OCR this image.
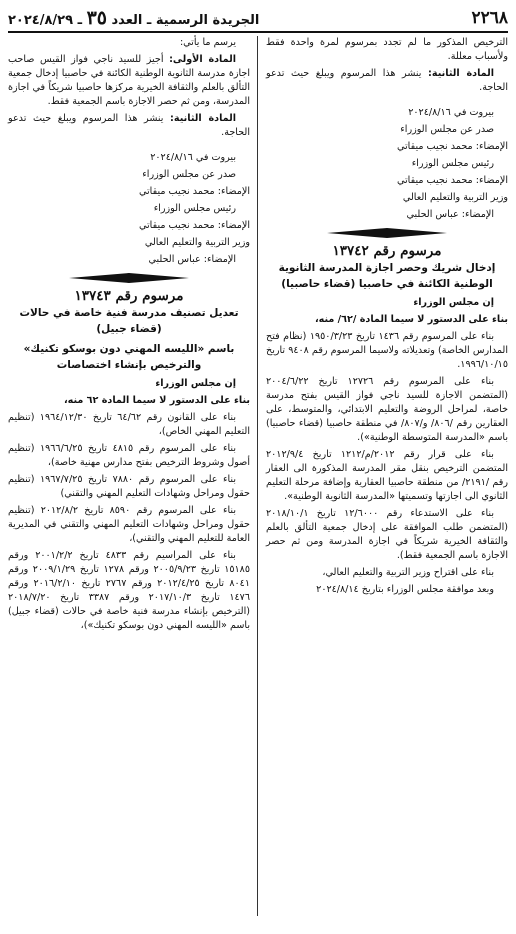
٢٢٦٨
الجريدة الرسمية ـ العدد ٣٥ ـ ٢٠٢٤/٨/٢٩

الترخيص المذكور ما لم تجدد بمرسوم لمرة واحدة فقط ولأسباب معللة.

المادة الثانية: ينشر هذا المرسوم ويبلغ حيث تدعو الحاجة.

بيروت في ٢٠٢٤/٨/١٦

صدر عن مجلس الوزراء

الإمضاء: محمد نجيب ميقاتي

رئيس مجلس الوزراء

الإمضاء: محمد نجيب ميقاتي

وزير التربية والتعليم العالي

الإمضاء: عباس الحلبي

مرسوم رقم ١٣٧٤٢
إدخال شريك وحصر اجازة المدرسة الثانوية الوطنية الكائنة في حاصبيا (قضاء حاصبيا)

إن مجلس الوزراء

بناء على الدستور لا سيما المادة /٦٢/ منه،

بناء على المرسوم رقم ١٤٣٦ تاريخ ١٩٥٠/٣/٢٣ (نظام فتح المدارس الخاصة) وتعديلاته ولاسيما المرسوم رقم ٩٤٠٨ تاريخ ١٩٩٦/١٠/١٥.

بناء على المرسوم رقم ١٢٧٢٦ تاريخ ٢٠٠٤/٦/٢٢ (المتضمن الاجازة للسيد ناجي فواز القيس بفتح مدرسة خاصة، لمراحل الروضة والتعليم الابتدائي، والمتوسط، على العقارين رقم /٨٠٦/ و/٨٠٧/ في منطقة حاصبيا (قضاء حاصبيا) باسم «المدرسة المتوسطة الوطنية»).

بناء على قرار رقم ٢٠١٢/م/١٢١٢ تاريخ ٢٠١٢/٩/٤ المتضمن الترخيص بنقل مقر المدرسة المذكورة الى العقار رقم /٢١٩١/ من منطقة حاصبيا العقارية وإضافة مرحلة التعليم الثانوي الى اجازتها وتسميتها «المدرسة الثانوية الوطنية».

بناء على الاستدعاء رقم ١٢/٦٠٠٠ تاريخ ٢٠١٨/١٠/١ (المتضمن طلب الموافقة على إدخال جمعية التألق بالعلم والثقافة الخيرية شريكاً في اجازة المدرسة ومن ثم حصر الاجازة باسم الجمعية فقط).

بناء على اقتراح وزير التربية والتعليم العالي،

وبعد موافقة مجلس الوزراء بتاريخ ٢٠٢٤/٨/١٤

يرسم ما يأتي:

المادة الأولى: أجيز للسيد ناجي فواز القيس صاحب اجازة مدرسة الثانوية الوطنية الكائنة في حاصبيا إدخال جمعية التألق بالعلم والثقافة الخيرية مركزها حاصبيا شريكاً في اجازة المدرسة، ومن ثم حصر الاجازة باسم الجمعية فقط.

المادة الثانية: ينشر هذا المرسوم ويبلغ حيث تدعو الحاجة.

بيروت في ٢٠٢٤/٨/١٦

صدر عن مجلس الوزراء

الإمضاء: محمد نجيب ميقاتي

رئيس مجلس الوزراء

الإمضاء: محمد نجيب ميقاتي

وزير التربية والتعليم العالي

الإمضاء: عباس الحلبي

مرسوم رقم ١٣٧٤٣
تعديل تصنيف مدرسة فنية خاصة في حالات (قضاء جبيل)
باسم «الليسه المهني دون بوسكو تكنيك» والترخيص بإنشاء اختصاصات

إن مجلس الوزراء

بناء على الدستور لا سيما المادة ٦٢ منه،

بناء على القانون رقم ٦٤/٦٢ تاريخ ١٩٦٤/١٢/٣٠ (تنظيم التعليم المهني الخاص)،

بناء على المرسوم رقم ٤٨١٥ تاريخ ١٩٦٦/٦/٢٥ (تنظيم أصول وشروط الترخيص بفتح مدارس مهنية خاصة)،

بناء على المرسوم رقم ٧٨٨٠ تاريخ ١٩٦٧/٧/٢٥ (تنظيم حقول ومراحل وشهادات التعليم المهني والتقني)

بناء على المرسوم رقم ٨٥٩٠ تاريخ ٢٠١٢/٨/٢ (تنظيم حقول ومراحل وشهادات التعليم المهني والتقني في المديرية العامة للتعليم المهني والتقني)،

بناء على المراسيم رقم ٤٨٣٣ تاريخ ٢٠٠١/٢/٢ ورقم ١٥١٨٥ تاريخ ٢٠٠٥/٩/٢٣ ورقم ١٢٧٨ تاريخ ٢٠٠٩/١/٢٩ ورقم ٨٠٤١ تاريخ ٢٠١٢/٤/٢٥ ورقم ٢٧٦٧ تاريخ ٢٠١٦/٢/١٠ ورقم ١٤٧٦ تاريخ ٢٠١٧/١٠/٣ ورقم ٣٣٨٧ تاريخ ٢٠١٨/٧/٢٠ (الترخيص بإنشاء مدرسة فنية خاصة في حالات (قضاء جبيل) باسم «الليسه المهني دون بوسكو تكنيك»)،
